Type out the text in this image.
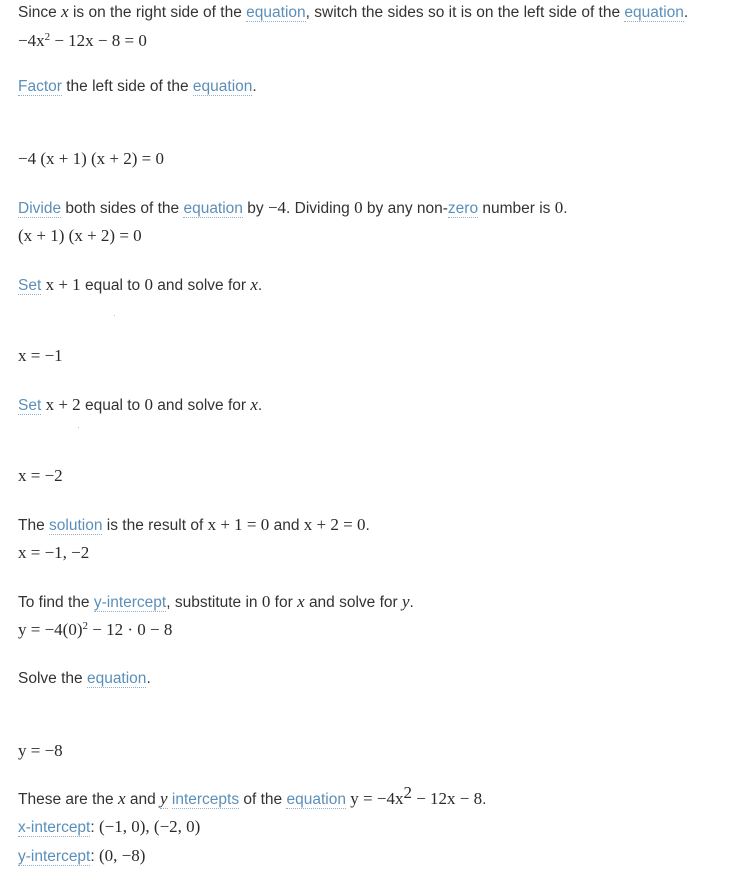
Since x is on the right side of the equation, switch the sides so it is on the left side of the equation.
$-4x^2 - 12x - 8 = 0$
Factor the left side of the equation.
−4 (x + 1) (x + 2) = 0
Divide both sides of the equation by −4. Dividing 0 by any non-zero number is 0.
(x + 1) (x + 2) = 0
Set x + 1 equal to 0 and solve for x.
x = −1
Set x + 2 equal to 0 and solve for x.
x = −2
The solution is the result of x + 1 = 0 and x + 2 = 0.
x = −1, −2
To find the y-intercept, substitute in 0 for x and solve for y.
$y = -4(0)^2 - 12 \cdot 0 - 8$
Solve the equation.
y = −8
These are the x and y intercepts of the equation $y = -4x^2 - 12x - 8$.
x-intercept: (−1, 0), (−2, 0)
y-intercept: (0, −8)
